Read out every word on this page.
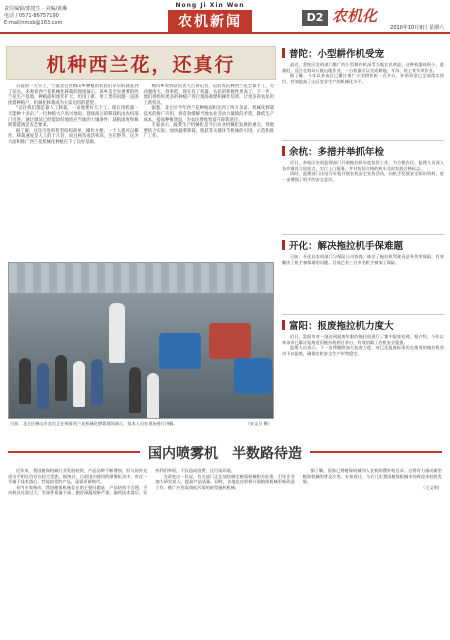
责任编辑/郭建生 · 美编/黄琳
电话 / 0571-86757190
E-mail/nmxb@163.com
Nong Ji Xin Wen
农机新闻	D2 农机化
2010年10月9日 星期六
机种西兰花，还真行

日前的一天早上，宁波北仑区梅山乡种植的农民们早早的就赶到了田头，来观看西兰花机械化移栽的现场演示。该乡是全省重要的西兰花生产基地，种植面积逐年扩大，但用工难、用工贵的问题一直困扰着种植户，机械化移栽成为大家迫切的愿望。

“以往我们都是靠人工移栽，一亩地要好几个工，现在用机器一天能种十多亩。”一位种植大户高兴地说。现场演示的移栽机由农机部门引进，通过调试已经能较好地适应当地的土壤条件，栽植深度和株距都能满足农艺要求。

据了解，这次引进的机型结构简单、操作方便，一个人就可以操作，移栽速度是人工的十几倍，而且秧苗成活率高，生长整齐。这为大面积推广西兰花机械化种植打下了良好基础。

梅山乡农机站负责人告诉记者，以前农民种西兰花全靠手工，劳动强度大，效率低，现在有了机器，农民的积极性更高了。下一步，他们将组织更多的种植户进行现场观摩和操作培训，让更多的农民用上新机具。

据悉，北仑区今年西兰花种植面积达到了两万多亩，机械化移栽技术的推广应用，将有效缓解当地农业劳动力紧缺的矛盾，降低生产成本，提高种植效益，为农民增收致富开辟新途径。

专家表示，蔬菜生产机械化是今后农业机械化发展的重点，各地要结合实际，加快蔬菜移栽、收获等关键环节机械的引进、示范和推广工作。

日前，北仑区梅山乡农民正在观看西兰花机械化移栽现场演示，技术人员在现场进行讲解。	（宋文旦 摄）
普陀：小型耕作机受宠

最近，普陀区农机部门推广的小型耕作机深受当地农民欢迎。这种机器体积小、重量轻，适合在海岛丘陵山地作业，一台机器可以完成耕地、开沟、培土等多项作业。

据了解，今年以来该区已累计推广小型耕作机一百多台，补贴资金已全部落实到位，有效提高了山区农业生产的机械化水平。

余杭：多措并举抓年检

近日，余杭区农机监理部门开展拖拉机年度检验工作。为方便农民，监理人员深入各乡镇设立检验点，实行上门服务，并对检验合格的机车及时发放合格标志。

同时，监理部门还结合年检开展农机安全宣传活动，向机手发放安全知识资料，进一步增强了机手的安全意识。

开化：解决拖拉机手保难题

日前，开化县农机部门与保险公司协商，推出了拖拉机驾驶员意外伤害保险，有效解决了机手参保难的问题。目前已有三百多名机手参加了保险。

富阳：报废拖拉机力度大

近日，富阳市对一批达到报废年限的拖拉机进行了集中报废处理。据介绍，今年以来该市已累计报废老旧拖拉机两百余台，有效消除了农机安全隐患。

监理人员表示，下一步将继续加大检查力度，对已达报废标准仍在使用的拖拉机坚决予以报废，确保农机安全生产形势稳定。

国内喷雾机　半数路待造

近年来，我国植保机械行业发展较快，产品品种不断增加，但与国外先进水平相比仍存在较大差距。据统计，目前国内使用的喷雾机具中，有近一半属于技术落后、性能较差的产品，亟需更新换代。

业内专家指出，我国植保机械存在的主要问题是：产品结构不合理，手动机具比重过大；零部件质量不高，跑冒滴漏现象严重；施药技术落后，农药利用率低，不仅造成浪费，还污染环境。

为改变这一状况，有关部门正在加快制定植保机械相关标准，引导企业加大研发投入，提高产品质量。同时，各地也在积极开展植保机械更新改造工作，推广应用高效低污染的新型施药机械。

据了解，国家已将植保机械列入农机购置补贴目录，这将有力推动新型植保机械的普及应用。专家预计，今后几年我国植保机械市场将迎来较快发展。

（王文明）
